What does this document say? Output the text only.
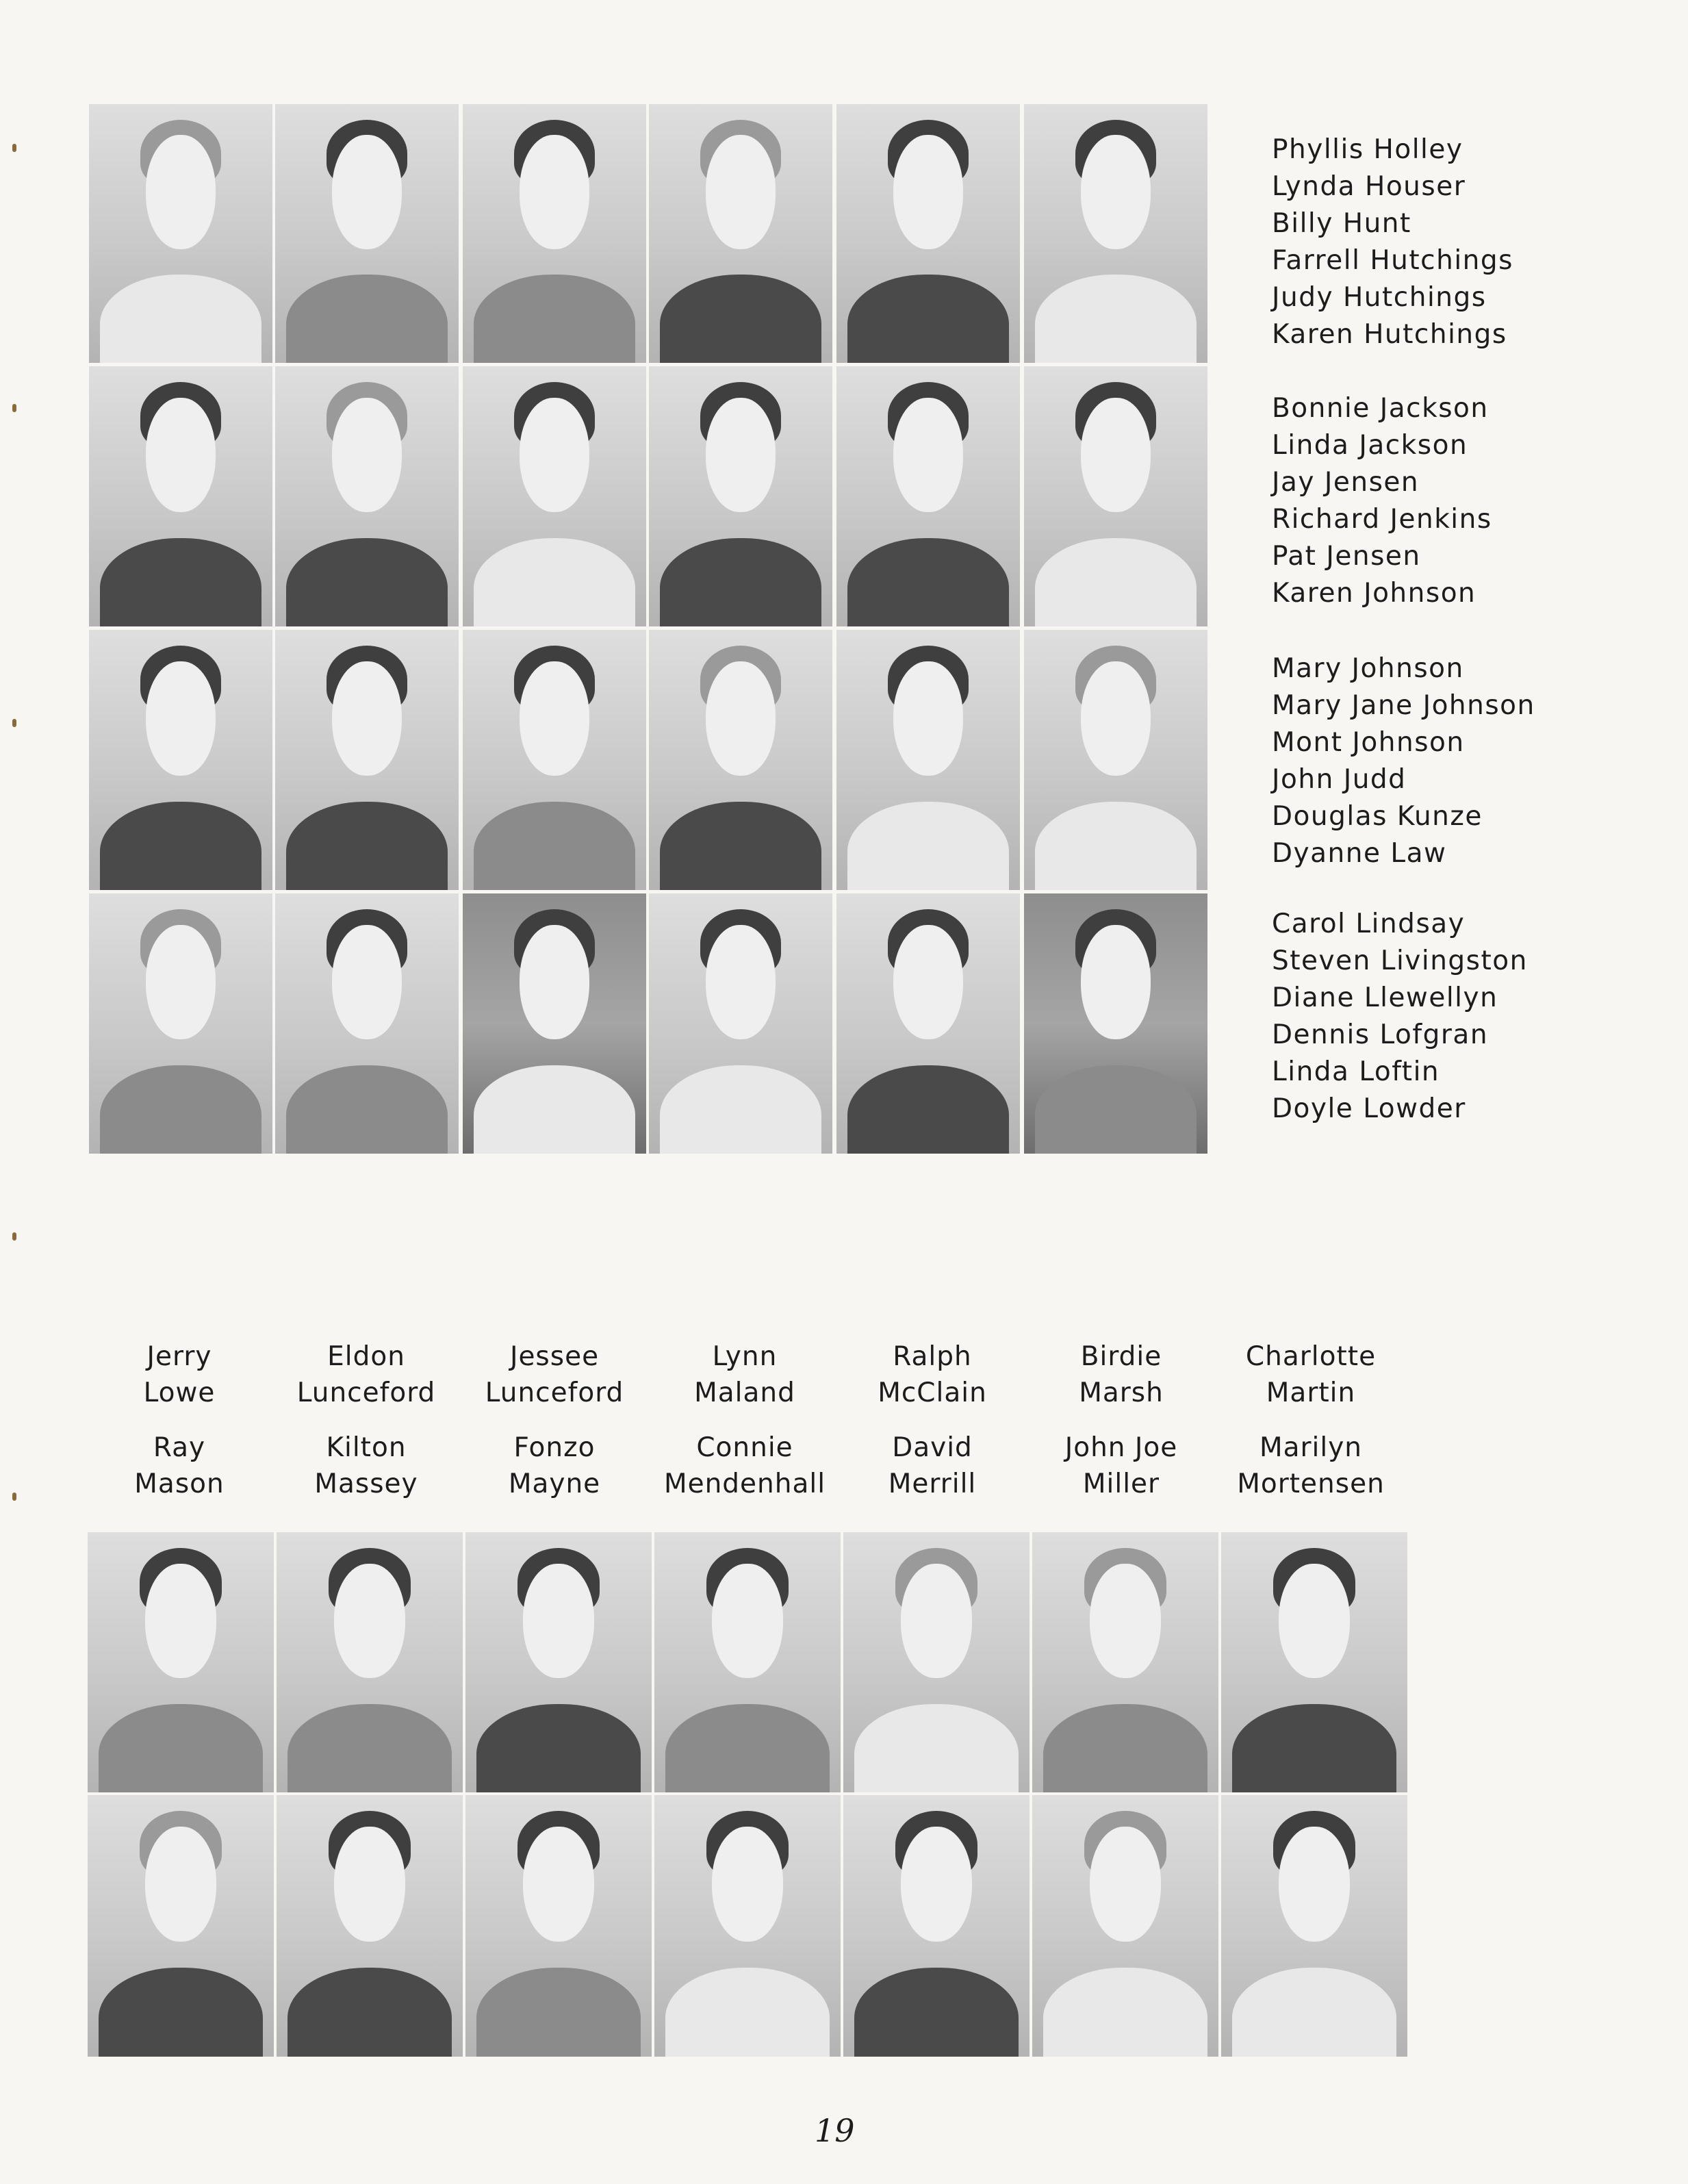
Phyllis Holley
Lynda Houser
Billy Hunt
Farrell Hutchings
Judy Hutchings
Karen Hutchings
Bonnie Jackson
Linda Jackson
Jay Jensen
Richard Jenkins
Pat Jensen
Karen Johnson
Mary Johnson
Mary Jane Johnson
Mont Johnson
John Judd
Douglas Kunze
Dyanne Law
Carol Lindsay
Steven Livingston
Diane Llewellyn
Dennis Lofgran
Linda Loftin
Doyle Lowder
Jerry
Lowe
Ray
Mason
Eldon
Lunceford
Kilton
Massey
Jessee
Lunceford
Fonzo
Mayne
Lynn
Maland
Connie
Mendenhall
Ralph
McClain
David
Merrill
Birdie
Marsh
John Joe
Miller
Charlotte
Martin
Marilyn
Mortensen
19
